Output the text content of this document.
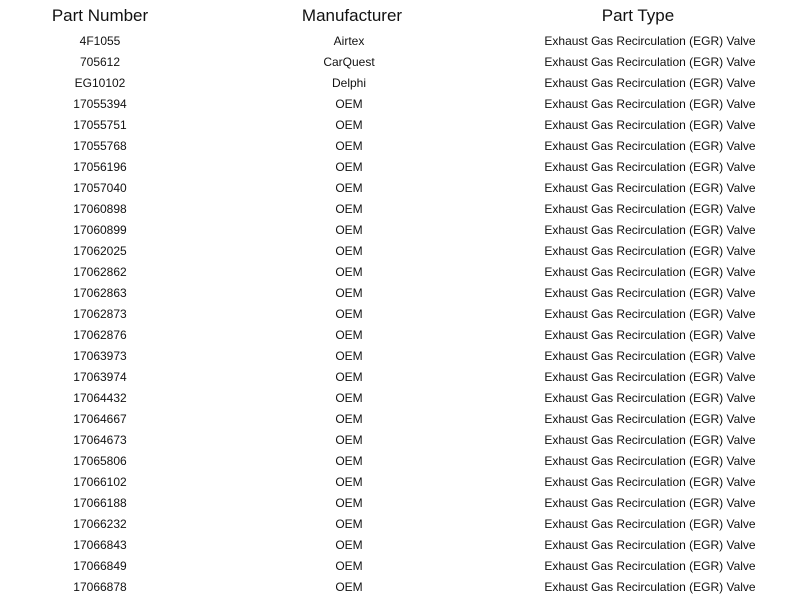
Part Number	Manufacturer	Part Type
4F1055	Airtex	Exhaust Gas Recirculation (EGR) Valve
705612	CarQuest	Exhaust Gas Recirculation (EGR) Valve
EG10102	Delphi	Exhaust Gas Recirculation (EGR) Valve
17055394	OEM	Exhaust Gas Recirculation (EGR) Valve
17055751	OEM	Exhaust Gas Recirculation (EGR) Valve
17055768	OEM	Exhaust Gas Recirculation (EGR) Valve
17056196	OEM	Exhaust Gas Recirculation (EGR) Valve
17057040	OEM	Exhaust Gas Recirculation (EGR) Valve
17060898	OEM	Exhaust Gas Recirculation (EGR) Valve
17060899	OEM	Exhaust Gas Recirculation (EGR) Valve
17062025	OEM	Exhaust Gas Recirculation (EGR) Valve
17062862	OEM	Exhaust Gas Recirculation (EGR) Valve
17062863	OEM	Exhaust Gas Recirculation (EGR) Valve
17062873	OEM	Exhaust Gas Recirculation (EGR) Valve
17062876	OEM	Exhaust Gas Recirculation (EGR) Valve
17063973	OEM	Exhaust Gas Recirculation (EGR) Valve
17063974	OEM	Exhaust Gas Recirculation (EGR) Valve
17064432	OEM	Exhaust Gas Recirculation (EGR) Valve
17064667	OEM	Exhaust Gas Recirculation (EGR) Valve
17064673	OEM	Exhaust Gas Recirculation (EGR) Valve
17065806	OEM	Exhaust Gas Recirculation (EGR) Valve
17066102	OEM	Exhaust Gas Recirculation (EGR) Valve
17066188	OEM	Exhaust Gas Recirculation (EGR) Valve
17066232	OEM	Exhaust Gas Recirculation (EGR) Valve
17066843	OEM	Exhaust Gas Recirculation (EGR) Valve
17066849	OEM	Exhaust Gas Recirculation (EGR) Valve
17066878	OEM	Exhaust Gas Recirculation (EGR) Valve
